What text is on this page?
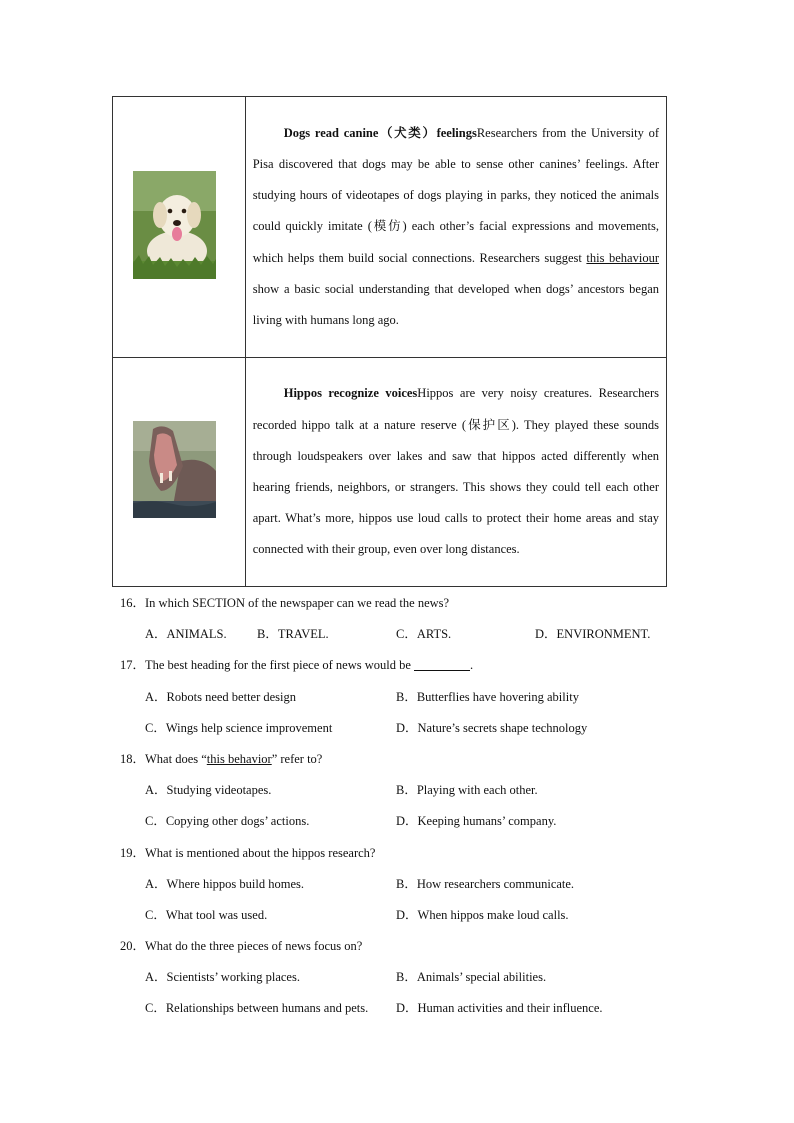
	Dogs read canine（犬类）feelingsResearchers from the University of Pisa discovered that dogs may be able to sense other canines’ feelings. After studying hours of videotapes of dogs playing in parks, they noticed the animals could quickly imitate (模仿) each other’s facial expressions and movements, which helps them build social connections. Researchers suggest this behaviour show a basic social understanding that developed when dogs’ ancestors began living with humans long ago.
	Hippos recognize voicesHippos are very noisy creatures. Researchers recorded hippo talk at a nature reserve (保护区). They played these sounds through loudspeakers over lakes and saw that hippos acted differently when hearing friends, neighbors, or strangers. This shows they could tell each other apart. What’s more, hippos use loud calls to protect their home areas and stay connected with their group, even over long distances.
16．In which SECTION of the newspaper can we read the news?
A．ANIMALS. B．TRAVEL.	C．ARTS.	D．ENVIRONMENT.
17．The best heading for the first piece of news would be	.
A．Robots need better design	B．Butterflies have hovering ability
C．Wings help science improvement	D．Nature’s secrets shape technology
18．What does “this behavior” refer to?
A．Studying videotapes.	B．Playing with each other.
C．Copying other dogs’ actions.	D．Keeping humans’ company.
19．What is mentioned about the hippos research?
A．Where hippos build homes.	B．How researchers communicate.
C．What tool was used.	D．When hippos make loud calls.
20．What do the three pieces of news focus on?
A．Scientists’ working places.	B．Animals’ special abilities.
C．Relationships between humans and pets. D．Human activities and their influence.
